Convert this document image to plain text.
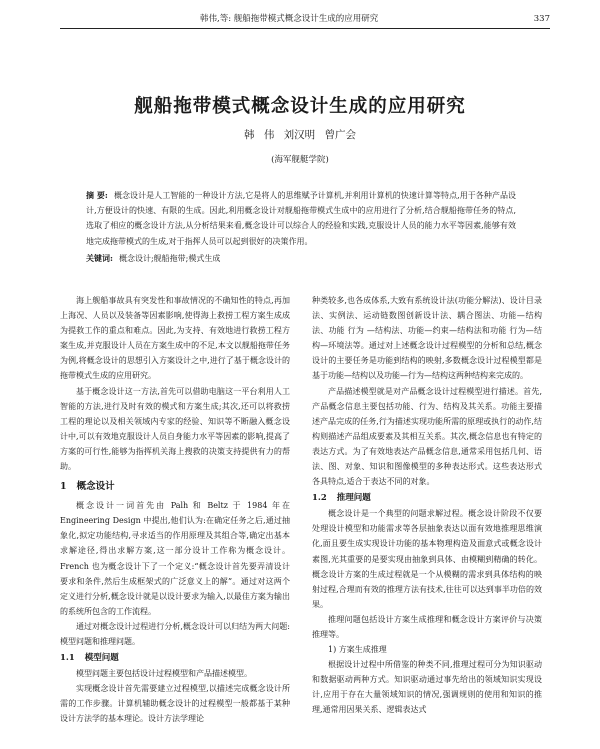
韩伟,等: 舰船拖带模式概念设计生成的应用研究	337
舰船拖带模式概念设计生成的应用研究
韩 伟 刘汉明 曾广会
(海军舰艇学院)
摘 要: 概念设计是人工智能的一种设计方法,它是将人的思维赋予计算机,并利用计算机的快速计算等特点,用于各种产品设计,方便设计的快速、有限的生成。因此,利用概念设计对舰船拖带模式生成中的应用进行了分析,结合舰船拖带任务的特点,选取了相应的概念设计方法,从分析结果来看,概念设计可以综合人的经验和实践,克服设计人员的能力水平等因素,能够有效地完成拖带模式的生成,对于指挥人员可以起到很好的决策作用。
关键词: 概念设计;舰船拖带;模式生成

海上舰船事故具有突发性和事故情况的不确知性的特点,再加上海况、人员以及装备等因素影响,使得海上救捞工程方案生成成为提救工作的重点和难点。因此,为支持、有效地进行救捞工程方案生成,并克服设计人员在方案生成中的不足,本文以舰船拖带任务为例,将概念设计的思想引入方案设计之中,进行了基于概念设计的拖带模式生成的应用研究。

基于概念设计这一方法,首先可以借助电脑这一平台利用人工智能的方法,进行及时有效的模式和方案生成;其次,还可以将救捞工程的理论以及相关领域内专家的经验、知识等不断融入概念设计中,可以有效地克服设计人员自身能力水平等因素的影响,提高了方案的可行性,能够为指挥机关海上搜救的决策支持提供有力的帮助。

1 概念设计

概念设计一词首先由 Palh 和 Beltz 于 1984 年在 Engineering Design 中提出,他们认为:在确定任务之后,通过抽象化,拟定功能结构,寻求适当的作用原理及其组合等,确定出基本求解途径,得出求解方案,这一部分设计工作称为概念设计。French 也为概念设计下了一个定义:“概念设计首先要弄清设计要求和条件,然后生成框架式的广泛意义上的解”。通过对这两个定义进行分析,概念设计就是以设计要求为输入,以最佳方案为输出的系统所包含的工作流程。

通过对概念设计过程进行分析,概念设计可以归结为两大问题:模型问题和推理问题。

1.1 模型问题

模型问题主要包括设计过程模型和产品描述模型。

实现概念设计首先需要建立过程模型,以描述完成概念设计所需的工作步骤。计算机辅助概念设计的过程模型一般都基于某种设计方法学的基本理论。设计方法学理论

种类较多,也各成体系,大致有系统设计法(功能分解法)、设计目录法、实例法、运动链数图创新设计法、耦合图法、功能—结构法、功能 行为 —结构法、功能—约束—结构法和功能 行为—结构—环境法等。通过对上述概念设计过程模型的分析和总结,概念设计的主要任务是功能到结构的映射,多数概念设计过程模型都是基于功能—结构以及功能—行为—结构这两种结构来完成的。

产品描述模型就是对产品概念设计过程模型进行描述。首先,产品概念信息主要包括功能、行为、结构及其关系。功能主要描述产品完成的任务,行为描述实现功能所需的原理或执行的动作,结构则描述产品组成要素及其相互关系。其次,概念信息也有特定的表达方式。为了有效地表达产品概念信息,通常采用包括几何、语法、图、对象、知识和图像模型的多种表达形式。这些表达形式各具特点,适合于表达不同的对象。

1.2 推理问题

概念设计是一个典型的问题求解过程。概念设计阶段不仅要处理设计模型和功能需求等各层抽象表达以面有效地推理思维演化,面且要生成实现设计功能的基本物理构造及面意式或概念设计素图,光其重要的是要实现由抽象到具体、由模糊到精确的转化。概念设计方案的生成过程就是一个从模糊的需求到具体结构的映射过程,合理而有效的推理方法有技术,往往可以达到事半功倍的效果。

推理问题包括设计方案生成推理和概念设计方案评价与决策推理等。

1) 方案生成推理

根据设计过程中所借鉴的种类不同,推理过程可分为知识驱动和数据驱动两种方式。知识驱动通过事先给出的领域知识实现设计,应用于存在大量领域知识的情况,强调规则的使用和知识的推理,通常用因果关系、逻辑表达式
